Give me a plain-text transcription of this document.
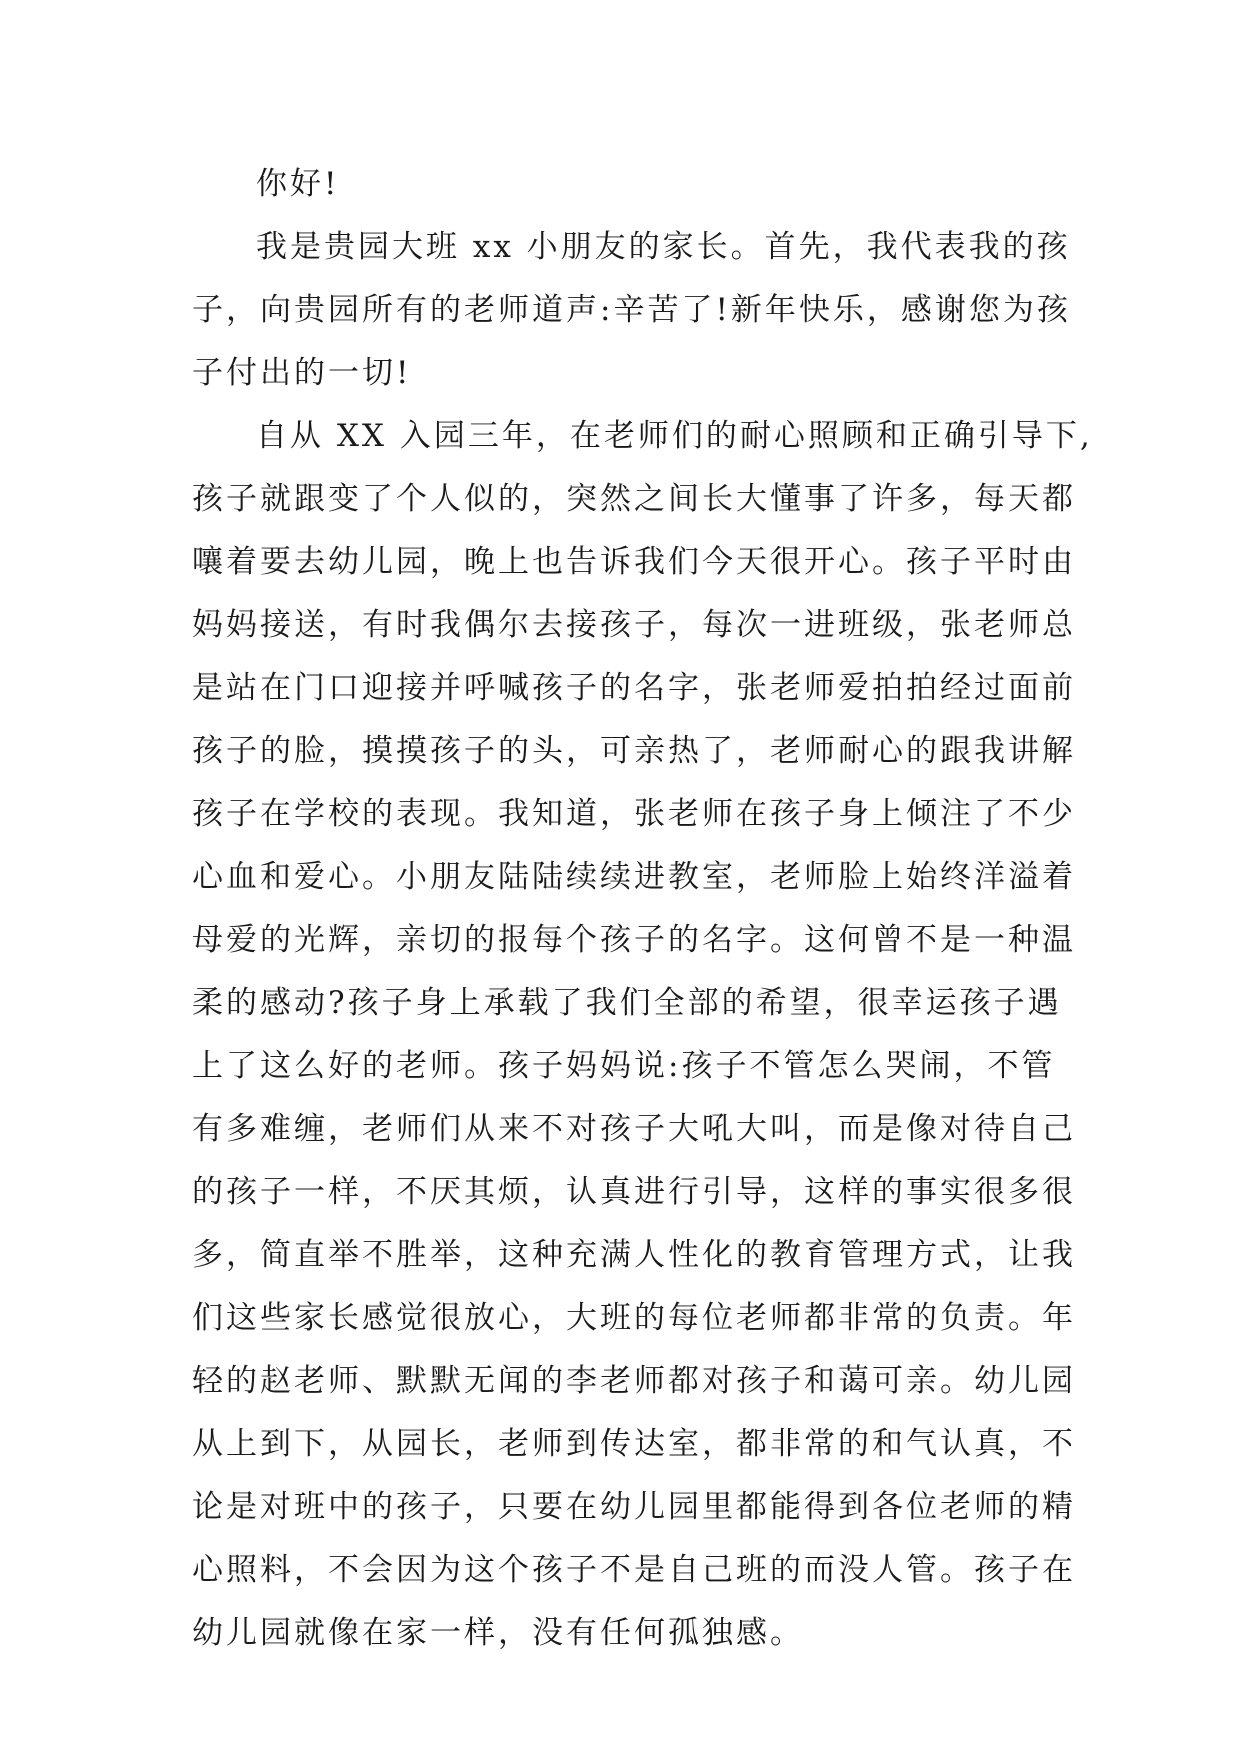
你好!
我是贵园大班 xx 小朋友的家长。首先，我代表我的孩
子，向贵园所有的老师道声:辛苦了!新年快乐，感谢您为孩
子付出的一切!
自从 XX 入园三年，在老师们的耐心照顾和正确引导下,
孩子就跟变了个人似的，突然之间长大懂事了许多，每天都
嚷着要去幼儿园，晚上也告诉我们今天很开心。孩子平时由
妈妈接送，有时我偶尔去接孩子，每次一进班级，张老师总
是站在门口迎接并呼喊孩子的名字，张老师爱拍拍经过面前
孩子的脸，摸摸孩子的头，可亲热了，老师耐心的跟我讲解
孩子在学校的表现。我知道，张老师在孩子身上倾注了不少
心血和爱心。小朋友陆陆续续进教室，老师脸上始终洋溢着
母爱的光辉，亲切的报每个孩子的名字。这何曾不是一种温
柔的感动?孩子身上承载了我们全部的希望，很幸运孩子遇
上了这么好的老师。孩子妈妈说:孩子不管怎么哭闹，不管
有多难缠，老师们从来不对孩子大吼大叫，而是像对待自己
的孩子一样，不厌其烦，认真进行引导，这样的事实很多很
多，简直举不胜举，这种充满人性化的教育管理方式，让我
们这些家长感觉很放心，大班的每位老师都非常的负责。年
轻的赵老师、默默无闻的李老师都对孩子和蔼可亲。幼儿园
从上到下，从园长，老师到传达室，都非常的和气认真，不
论是对班中的孩子，只要在幼儿园里都能得到各位老师的精
心照料，不会因为这个孩子不是自己班的而没人管。孩子在
幼儿园就像在家一样，没有任何孤独感。
